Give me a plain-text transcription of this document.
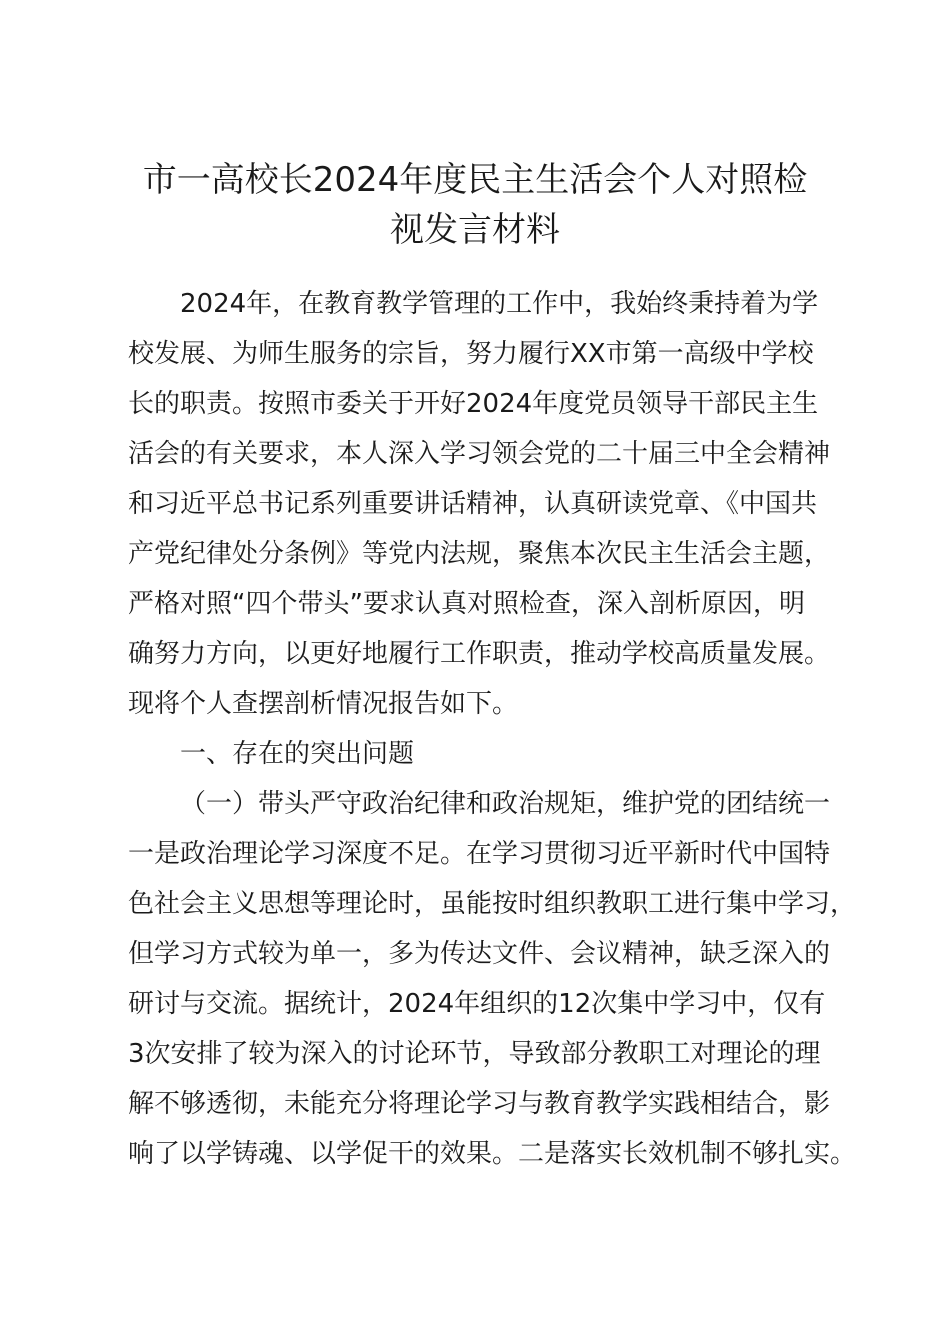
市一高校长2024年度民主生活会个人对照检
视发言材料

2024年，在教育教学管理的工作中，我始终秉持着为学

校发展、为师生服务的宗旨，努力履行XX市第一高级中学校

长的职责。按照市委关于开好2024年度党员领导干部民主生

活会的有关要求，本人深入学习领会党的二十届三中全会精神

和习近平总书记系列重要讲话精神，认真研读党章、《中国共

产党纪律处分条例》等党内法规，聚焦本次民主生活会主题，

严格对照“四个带头”要求认真对照检查，深入剖析原因，明

确努力方向，以更好地履行工作职责，推动学校高质量发展。

现将个人查摆剖析情况报告如下。

一、存在的突出问题

（一）带头严守政治纪律和政治规矩，维护党的团结统一

一是政治理论学习深度不足。在学习贯彻习近平新时代中国特

色社会主义思想等理论时，虽能按时组织教职工进行集中学习，

但学习方式较为单一，多为传达文件、会议精神，缺乏深入的

研讨与交流。据统计，2024年组织的12次集中学习中，仅有

3次安排了较为深入的讨论环节，导致部分教职工对理论的理

解不够透彻，未能充分将理论学习与教育教学实践相结合，影

响了以学铸魂、以学促干的效果。二是落实长效机制不够扎实。
